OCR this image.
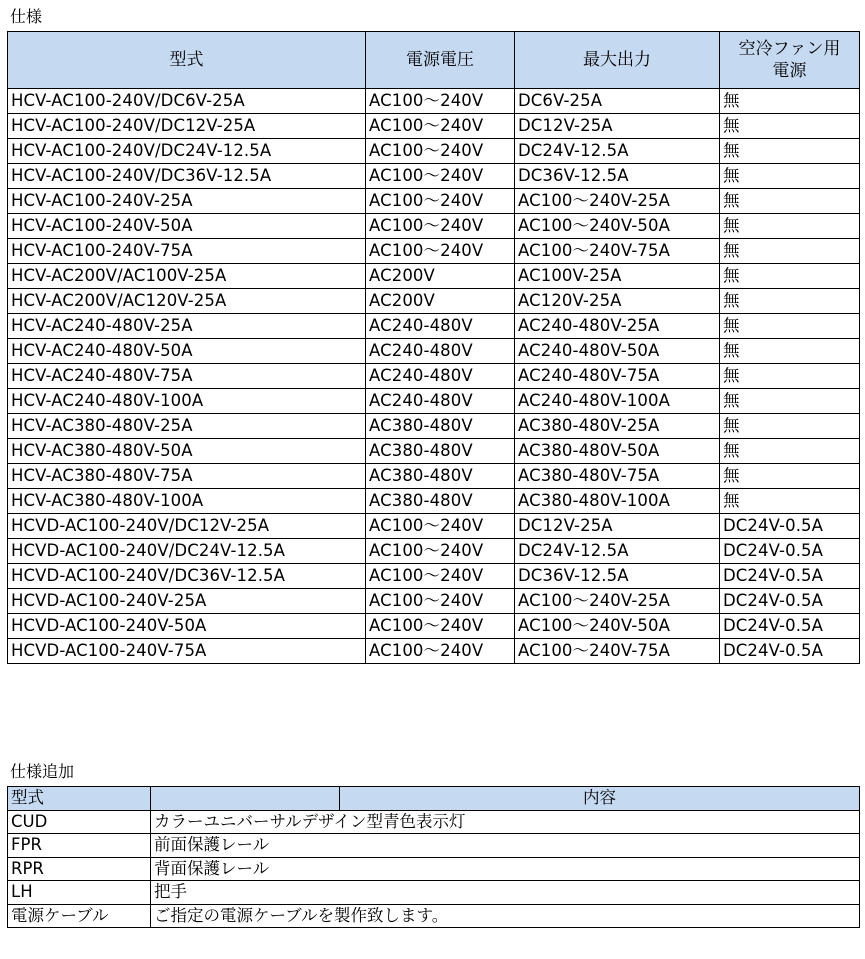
仕様
型式	電源電圧	最大出力	空冷ファン用
電源

HCV-AC100-240V/DC6V-25A	AC100～240V	DC6V-25A	無
HCV-AC100-240V/DC12V-25A	AC100～240V	DC12V-25A	無
HCV-AC100-240V/DC24V-12.5A	AC100～240V	DC24V-12.5A	無
HCV-AC100-240V/DC36V-12.5A	AC100～240V	DC36V-12.5A	無
HCV-AC100-240V-25A	AC100～240V	AC100～240V-25A	無
HCV-AC100-240V-50A	AC100～240V	AC100～240V-50A	無
HCV-AC100-240V-75A	AC100～240V	AC100～240V-75A	無
HCV-AC200V/AC100V-25A	AC200V	AC100V-25A	無
HCV-AC200V/AC120V-25A	AC200V	AC120V-25A	無
HCV-AC240-480V-25A	AC240-480V	AC240-480V-25A	無
HCV-AC240-480V-50A	AC240-480V	AC240-480V-50A	無
HCV-AC240-480V-75A	AC240-480V	AC240-480V-75A	無
HCV-AC240-480V-100A	AC240-480V	AC240-480V-100A	無
HCV-AC380-480V-25A	AC380-480V	AC380-480V-25A	無
HCV-AC380-480V-50A	AC380-480V	AC380-480V-50A	無
HCV-AC380-480V-75A	AC380-480V	AC380-480V-75A	無
HCV-AC380-480V-100A	AC380-480V	AC380-480V-100A	無
HCVD-AC100-240V/DC12V-25A	AC100～240V	DC12V-25A	DC24V-0.5A
HCVD-AC100-240V/DC24V-12.5A	AC100～240V	DC24V-12.5A	DC24V-0.5A
HCVD-AC100-240V/DC36V-12.5A	AC100～240V	DC36V-12.5A	DC24V-0.5A
HCVD-AC100-240V-25A	AC100～240V	AC100～240V-25A	DC24V-0.5A
HCVD-AC100-240V-50A	AC100～240V	AC100～240V-50A	DC24V-0.5A
HCVD-AC100-240V-75A	AC100～240V	AC100～240V-75A	DC24V-0.5A
仕様追加
型式		内容
CUD	カラーユニバーサルデザイン型青色表示灯	
FPR	前面保護レール	
RPR	背面保護レール	
LH	把手	
電源ケーブル	ご指定の電源ケーブルを製作致します。	
